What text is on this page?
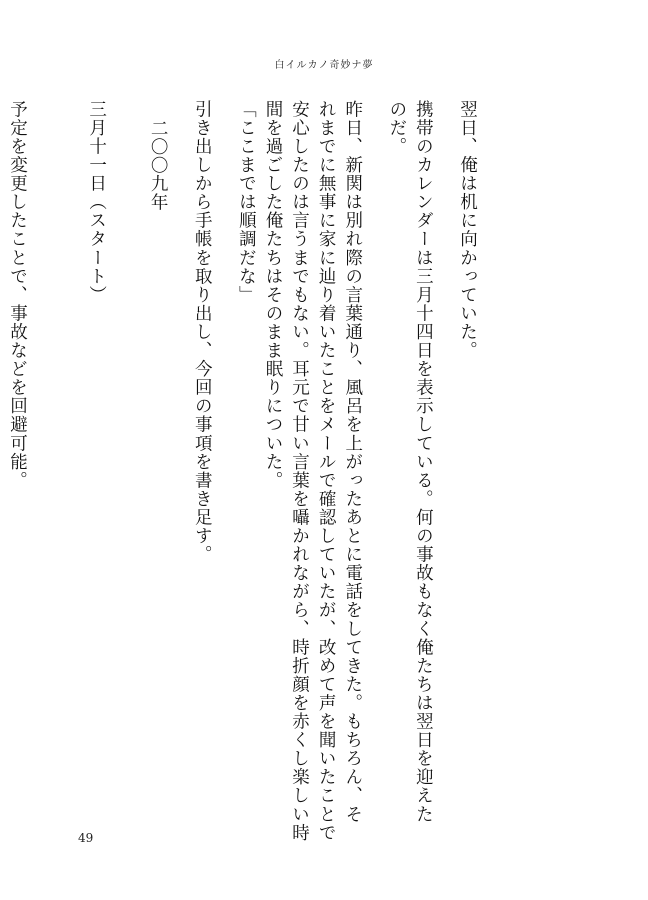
白イルカノ奇妙ナ夢
翌日、俺は机に向かっていた。
携帯のカレンダーは三月十四日を表示している。何の事故もなく俺たちは翌日を迎えた
のだ。
昨日、新関は別れ際の言葉通り、風呂を上がったあとに電話をしてきた。もちろん、そ
れまでに無事に家に辿り着いたことをメールで確認していたが、改めて声を聞いたことで
安心したのは言うまでもない。耳元で甘い言葉を囁かれながら、時折顔を赤くし楽しい時
間を過ごした俺たちはそのまま眠りについた。
「ここまでは順調だな」
引き出しから手帳を取り出し、今回の事項を書き足す。
二〇〇九年
三月十一日（スタート）
予定を変更したことで、事故などを回避可能。
49
